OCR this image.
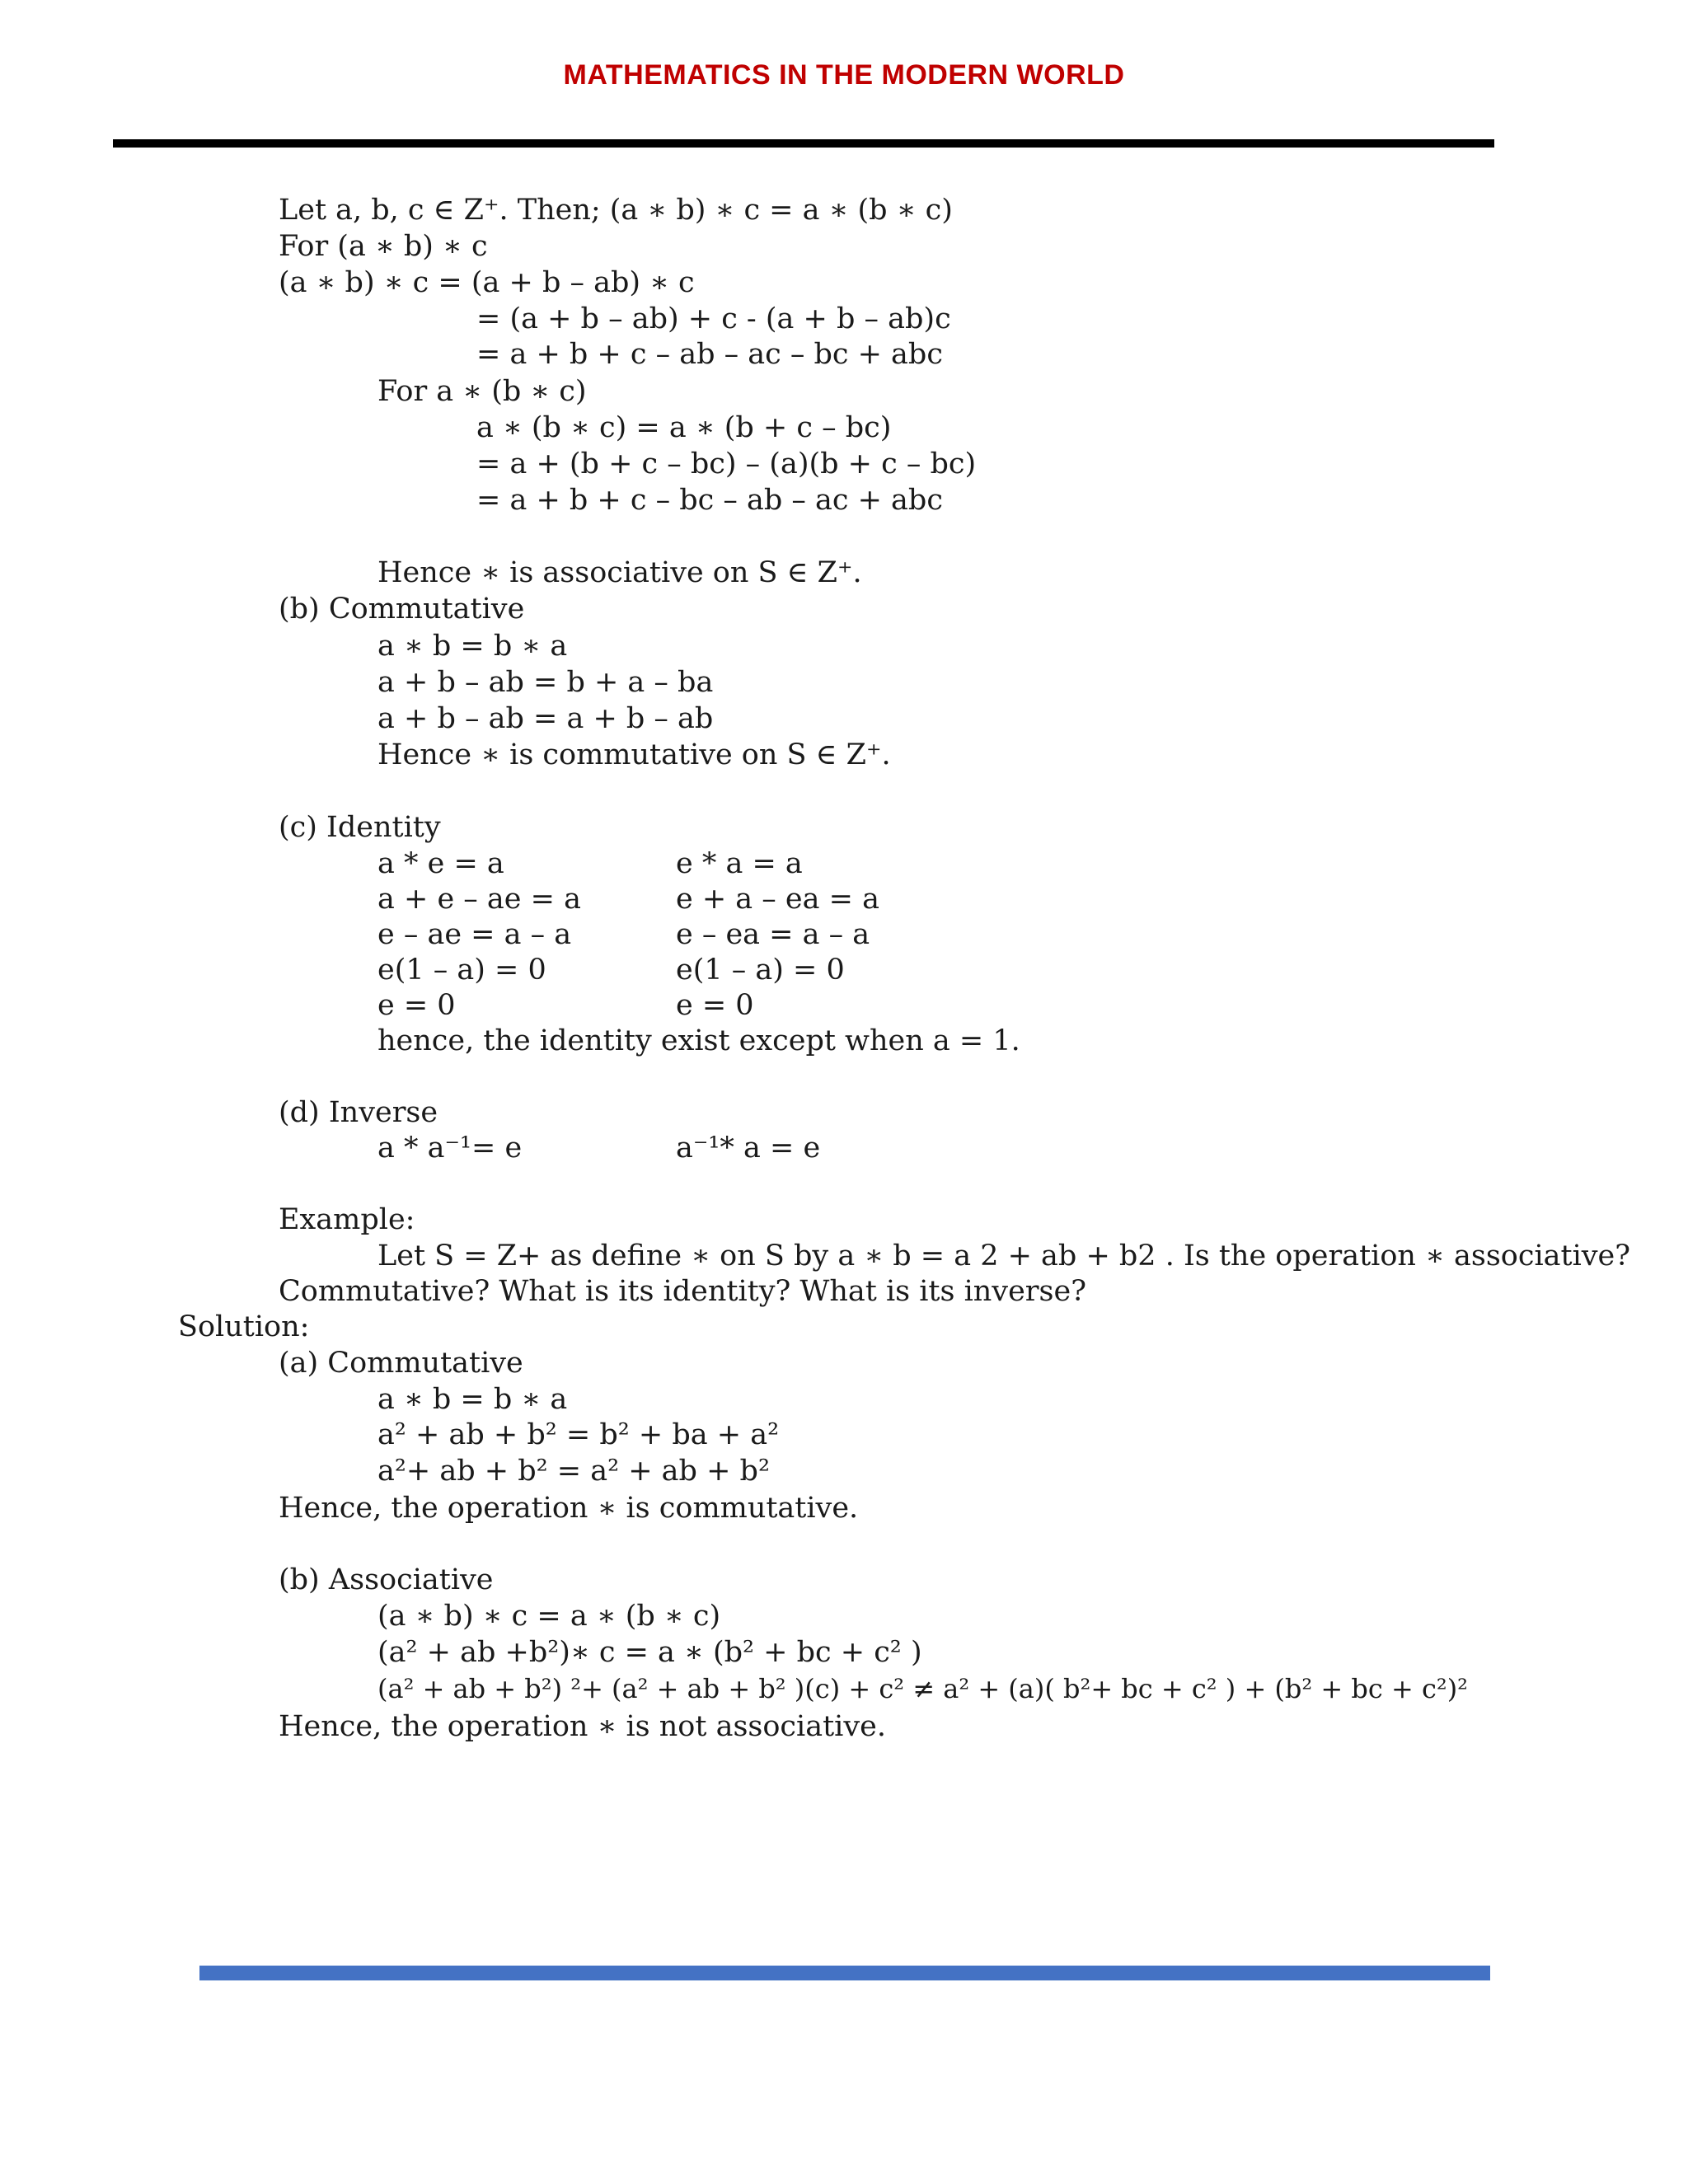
MATHEMATICS IN THE MODERN WORLD
Let a, b, c ∈ Z⁺. Then; (a ∗ b) ∗ c = a ∗ (b ∗ c)
For (a ∗ b) ∗ c
(a ∗ b) ∗ c = (a + b – ab) ∗ c
= (a + b – ab) + c - (a + b – ab)c
= a + b + c – ab – ac – bc + abc
For a ∗ (b ∗ c)
a ∗ (b ∗ c) = a ∗ (b + c – bc)
= a + (b + c – bc) – (a)(b + c – bc)
= a + b + c – bc – ab – ac + abc
Hence ∗ is associative on S ∈ Z⁺.
(b) Commutative
a ∗ b = b ∗ a
a + b – ab = b + a – ba
a + b – ab = a + b – ab
Hence ∗ is commutative on S ∈ Z⁺.
(c) Identity
a * e = a	e * a = a
a + e – ae = a	e + a – ea = a
e – ae = a – a	e – ea = a – a
e(1 – a) = 0	e(1 – a) = 0
e = 0	e = 0
hence, the identity exist except when a = 1.
(d) Inverse
a * a⁻¹= e	a⁻¹* a = e
Example:
Let S = Z+ as define ∗ on S by a ∗ b = a 2 + ab + b2 . Is the operation ∗ associative?
Commutative? What is its identity? What is its inverse?
Solution:
(a) Commutative
a ∗ b = b ∗ a
a² + ab + b² = b² + ba + a²
a²+ ab + b² = a² + ab + b²
Hence, the operation ∗ is commutative.
(b) Associative
(a ∗ b) ∗ c = a ∗ (b ∗ c)
(a² + ab +b²)∗ c = a ∗ (b² + bc + c² )
(a² + ab + b²) ²+ (a² + ab + b² )(c) + c² ≠ a² + (a)( b²+ bc + c² ) + (b² + bc + c²)²
Hence, the operation ∗ is not associative.
